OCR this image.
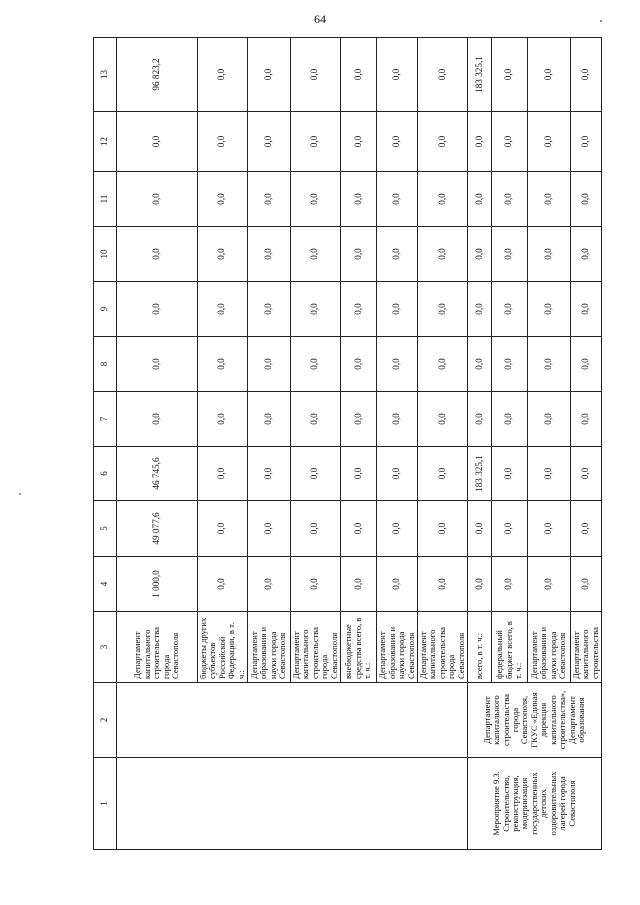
64
1	2	3	4	5	6	7	8	9	10	11	12	13
		Департамент капитального строительства города Севастополя	1 000,0	49 077,6	46 745,6	0,0	0,0	0,0	0,0	0,0	0,0	96 823,2
		бюджеты других субъектов Российской Федерации, в т. ч.:	0,0	0,0	0,0	0,0	0,0	0,0	0,0	0,0	0,0	0,0
		Департамент образования и науки города Севастополя	0,0	0,0	0,0	0,0	0,0	0,0	0,0	0,0	0,0	0,0
		Департамент капитального строительства города Севастополя	0,0	0,0	0,0	0,0	0,0	0,0	0,0	0,0	0,0	0,0
		внебюджетные средства всего, в т. ч.:	0,0	0,0	0,0	0,0	0,0	0,0	0,0	0,0	0,0	0,0
		Департамент образования и науки города Севастополя	0,0	0,0	0,0	0,0	0,0	0,0	0,0	0,0	0,0	0,0
		Департамент капитального строительства города Севастополя	0,0	0,0	0,0	0,0	0,0	0,0	0,0	0,0	0,0	0,0
Мероприятие 9.3. Строительство, реконструкция, модернизация государственных детских оздоровительных лагерей города Севастополя	Департамент капитального строительства города Севастополя, ГКУС «Единая дирекция капитального строительства», Департамент образования	всего, в т. ч.:	0,0	0,0	183 325,1	0,0	0,0	0,0	0,0	0,0	0,0	183 325,1
		федеральный бюджет всего, в т. ч.:	0,0	0,0	0,0	0,0	0,0	0,0	0,0	0,0	0,0	0,0
		Департамент образования и науки города Севастополя	0,0	0,0	0,0	0,0	0,0	0,0	0,0	0,0	0,0	0,0
		Департамент капитального строительства	0,0	0,0	0,0	0,0	0,0	0,0	0,0	0,0	0,0	0,0
